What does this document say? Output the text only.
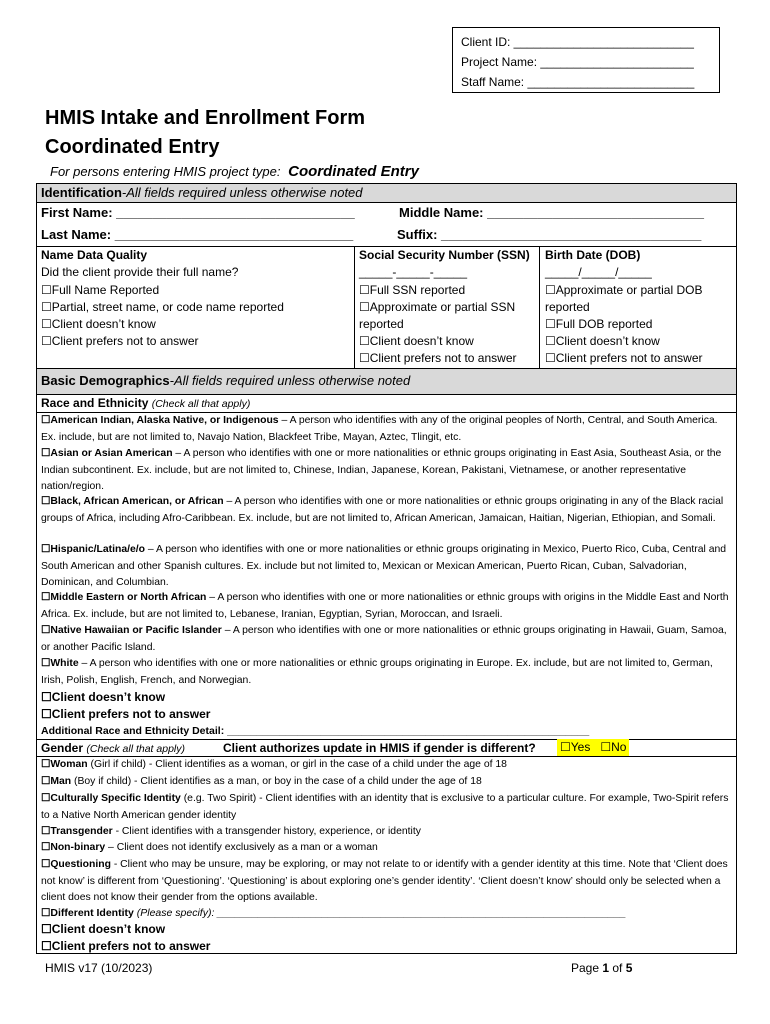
Client ID: ___________________________
Project Name: _______________________
Staff Name: _________________________
HMIS Intake and Enrollment Form
Coordinated Entry
For persons entering HMIS project type: Coordinated Entry
Identification-All fields required unless otherwise noted
First Name: _________________________________	Middle Name: ______________________________
Last Name: _________________________________	Suffix: ____________________________________
Name Data Quality
Did the client provide their full name?
☐Full Name Reported
☐Partial, street name, or code name reported
☐Client doesn’t know
☐Client prefers not to answer
Social Security Number (SSN)
_____-_____-_____
☐Full SSN reported
☐Approximate or partial SSN
reported
☐Client doesn’t know
☐Client prefers not to answer
Birth Date (DOB)
_____/_____/_____
☐Approximate or partial DOB
reported
☐Full DOB reported
☐Client doesn’t know
☐Client prefers not to answer
Basic Demographics-All fields required unless otherwise noted
Race and Ethnicity (Check all that apply)
☐American Indian, Alaska Native, or Indigenous – A person who identifies with any of the original peoples of North, Central, and South America. Ex. include, but are not limited to, Navajo Nation, Blackfeet Tribe, Mayan, Aztec, Tlingit, etc.
☐Asian or Asian American – A person who identifies with one or more nationalities or ethnic groups originating in East Asia, Southeast Asia, or the Indian subcontinent. Ex. include, but are not limited to, Chinese, Indian, Japanese, Korean, Pakistani, Vietnamese, or another representative nation/region.
☐Black, African American, or African – A person who identifies with one or more nationalities or ethnic groups originating in any of the Black racial groups of Africa, including Afro-Caribbean. Ex. include, but are not limited to, African American, Jamaican, Haitian, Nigerian, Ethiopian, and Somali.
☐Hispanic/Latina/e/o – A person who identifies with one or more nationalities or ethnic groups originating in Mexico, Puerto Rico, Cuba, Central and South American and other Spanish cultures. Ex. include but not limited to, Mexican or Mexican American, Puerto Rican, Cuban, Salvadorian, Dominican, and Columbian.
☐Middle Eastern or North African – A person who identifies with one or more nationalities or ethnic groups with origins in the Middle East and North Africa. Ex. include, but are not limited to, Lebanese, Iranian, Egyptian, Syrian, Moroccan, and Israeli.
☐Native Hawaiian or Pacific Islander – A person who identifies with one or more nationalities or ethnic groups originating in Hawaii, Guam, Samoa, or another Pacific Island.
☐White – A person who identifies with one or more nationalities or ethnic groups originating in Europe. Ex. include, but are not limited to, German, Irish, Polish, English, French, and Norwegian.
☐Client doesn’t know
☐Client prefers not to answer
Additional Race and Ethnicity Detail: ______________________________________________________________
Gender (Check all that apply)	Client authorizes update in HMIS if gender is different? ☐Yes ☐No
☐Woman (Girl if child) - Client identifies as a woman, or girl in the case of a child under the age of 18
☐Man (Boy if child) - Client identifies as a man, or boy in the case of a child under the age of 18
☐Culturally Specific Identity (e.g. Two Spirit) - Client identifies with an identity that is exclusive to a particular culture. For example, Two-Spirit refers to a Native North American gender identity
☐Transgender - Client identifies with a transgender history, experience, or identity
☐Non-binary – Client does not identify exclusively as a man or a woman
☐Questioning - Client who may be unsure, may be exploring, or may not relate to or identify with a gender identity at this time. Note that ‘Client does not know’ is different from ‘Questioning’. ‘Questioning’ is about exploring one’s gender identity’. ‘Client doesn’t know’ should only be selected when a client does not know their gender from the options available.
☐Different Identity (Please specify): ______________________________________________________________________
☐Client doesn’t know
☐Client prefers not to answer
HMIS v17 (10/2023)	Page 1 of 5
